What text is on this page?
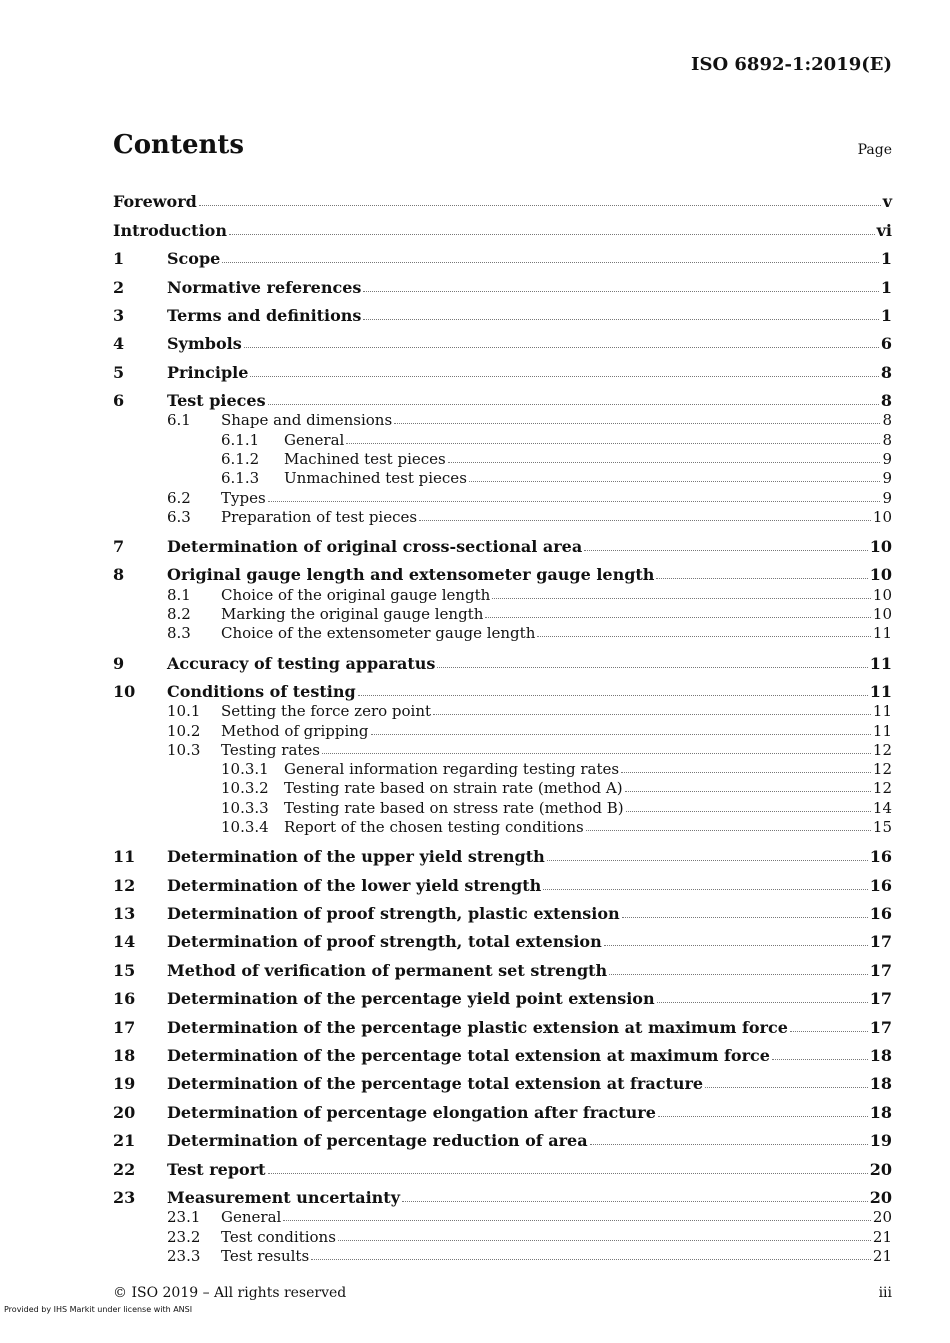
ISO 6892-1:2019(E)
Contents	Page
Foreword	v
Introduction	vi
1	Scope	1
2	Normative references	1
3	Terms and definitions	1
4	Symbols	6
5	Principle	8
6	Test pieces	8
6.1	Shape and dimensions	8
6.1.1	General	8
6.1.2	Machined test pieces	9
6.1.3	Unmachined test pieces	9
6.2	Types	9
6.3	Preparation of test pieces	10
7	Determination of original cross-sectional area	10
8	Original gauge length and extensometer gauge length	10
8.1	Choice of the original gauge length	10
8.2	Marking the original gauge length	10
8.3	Choice of the extensometer gauge length	11
9	Accuracy of testing apparatus	11
10	Conditions of testing	11
10.1	Setting the force zero point	11
10.2	Method of gripping	11
10.3	Testing rates	12
10.3.1	General information regarding testing rates	12
10.3.2	Testing rate based on strain rate (method A)	12
10.3.3	Testing rate based on stress rate (method B)	14
10.3.4	Report of the chosen testing conditions	15
11	Determination of the upper yield strength	16
12	Determination of the lower yield strength	16
13	Determination of proof strength, plastic extension	16
14	Determination of proof strength, total extension	17
15	Method of verification of permanent set strength	17
16	Determination of the percentage yield point extension	17
17	Determination of the percentage plastic extension at maximum force	17
18	Determination of the percentage total extension at maximum force	18
19	Determination of the percentage total extension at fracture	18
20	Determination of percentage elongation after fracture	18
21	Determination of percentage reduction of area	19
22	Test report	20
23	Measurement uncertainty	20
23.1	General	20
23.2	Test conditions	21
23.3	Test results	21
© ISO 2019 – All rights reserved	iii
Provided by IHS Markit under license with ANSI
